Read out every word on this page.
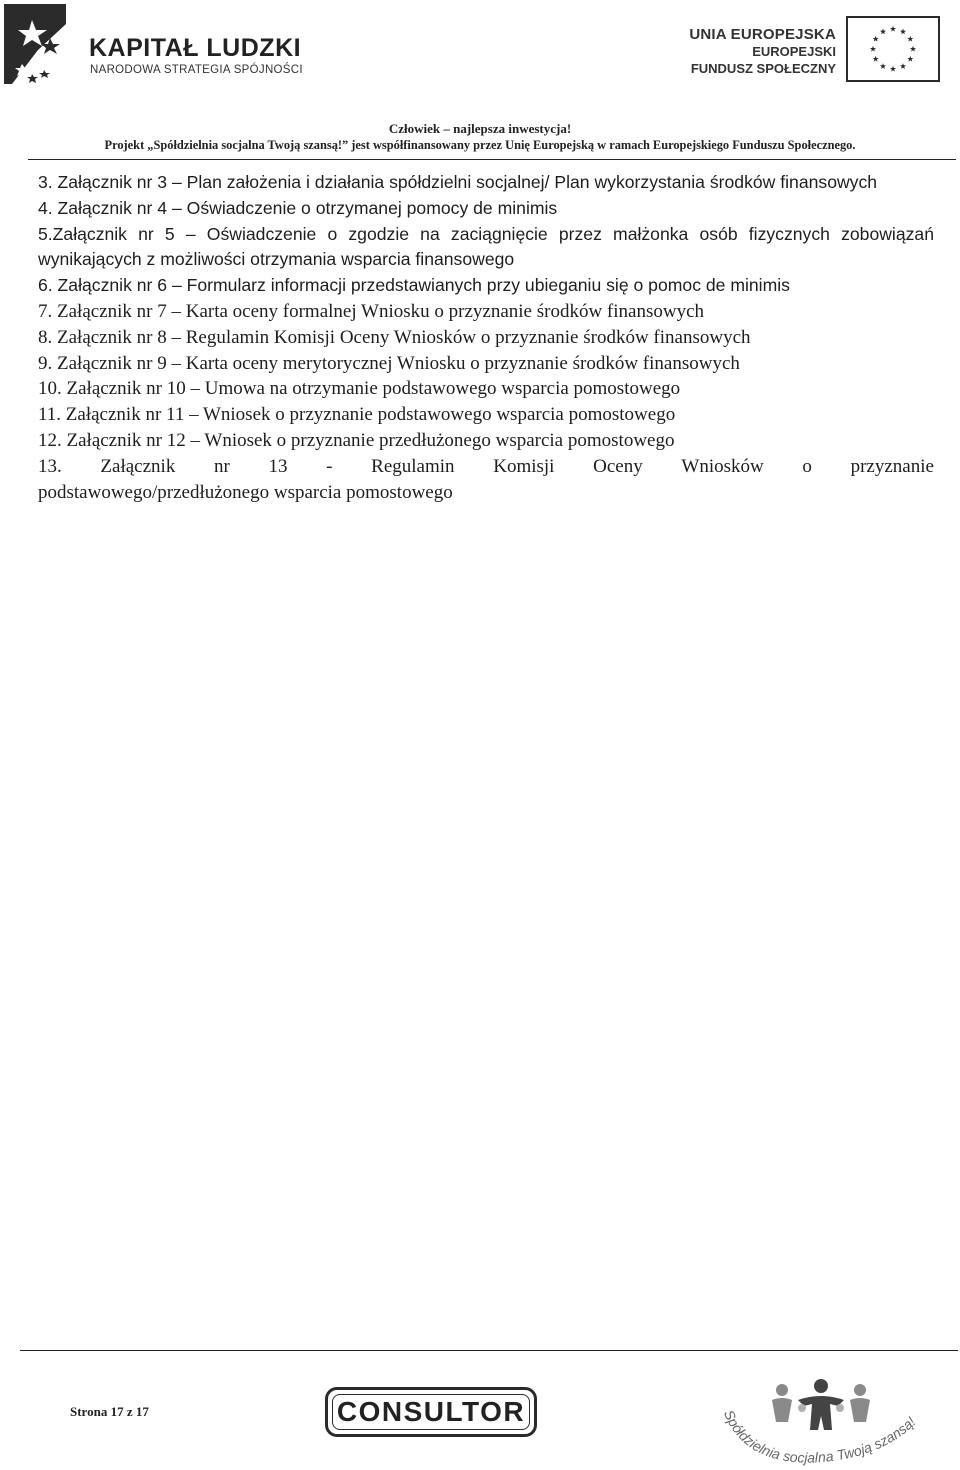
KAPITAŁ LUDZKI
NARODOWA STRATEGIA SPÓJNOŚCI
UNIA EUROPEJSKA
EUROPEJSKI
FUNDUSZ SPOŁECZNY
Człowiek – najlepsza inwestycja!
Projekt „Spółdzielnia socjalna Twoją szansą!” jest współfinansowany przez Unię Europejską w ramach Europejskiego Funduszu Społecznego.

3. Załącznik nr 3 – Plan założenia i działania spółdzielni socjalnej/ Plan wykorzystania środków finansowych

4. Załącznik nr 4 – Oświadczenie o otrzymanej pomocy de minimis

5.Załącznik nr 5 – Oświadczenie o zgodzie na zaciągnięcie przez małżonka osób fizycznych zobowiązań wynikających z możliwości otrzymania wsparcia finansowego

6. Załącznik nr 6 – Formularz informacji przedstawianych przy ubieganiu się o pomoc de minimis

7. Załącznik nr 7 – Karta oceny formalnej Wniosku o przyznanie środków finansowych

8. Załącznik nr 8 – Regulamin Komisji Oceny Wniosków o przyznanie środków finansowych

9. Załącznik nr 9 – Karta oceny merytorycznej Wniosku o przyznanie środków finansowych

10. Załącznik nr 10 – Umowa na otrzymanie podstawowego wsparcia pomostowego

11. Załącznik nr 11 – Wniosek o przyznanie podstawowego wsparcia pomostowego

12. Załącznik nr 12 – Wniosek o przyznanie przedłużonego wsparcia pomostowego

13. Załącznik nr 13 - Regulamin Komisji Oceny Wniosków o przyznanie
podstawowego/przedłużonego wsparcia pomostowego
Strona 17 z 17	CONSULTOR	Spółdzielnia socjalna Twoją szansą!
